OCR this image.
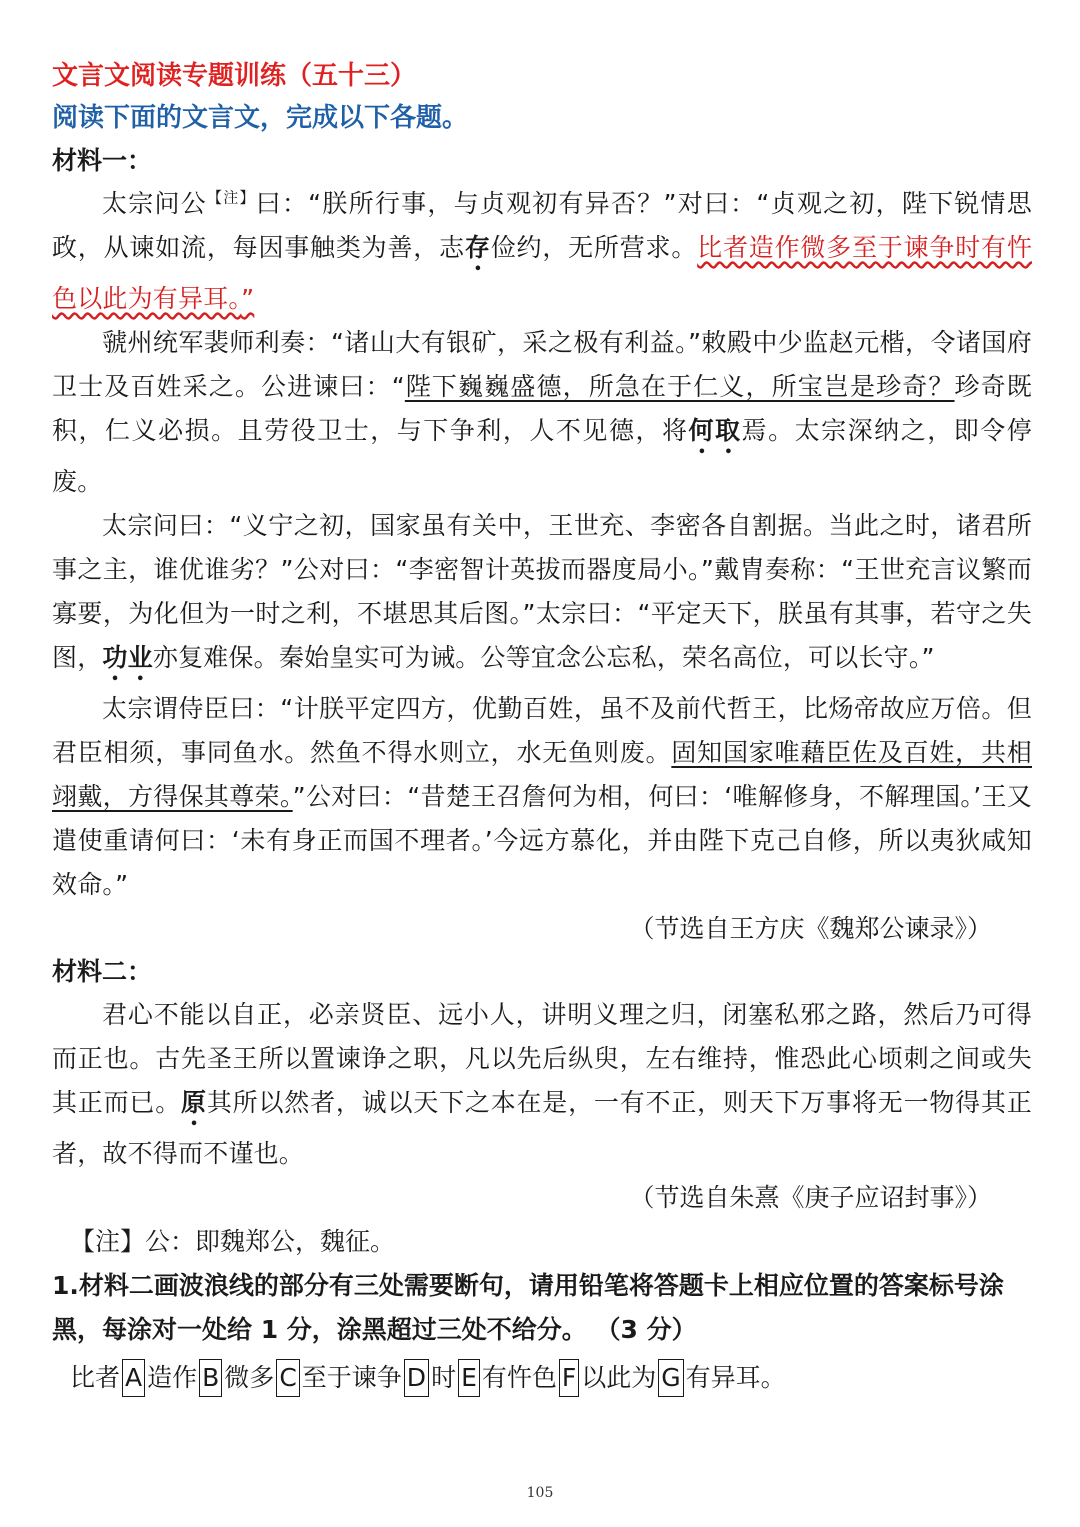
文言文阅读专题训练（五十三）

阅读下面的文言文，完成以下各题。

材料一：

太宗问公$^{【注】}$曰：“朕所行事，与贞观初有异否？”对曰：“贞观之初，陛下锐情思政，从谏如流，每因事触类为善，志存俭约，无所营求。比者造作微多至于谏争时有忤色以此为有异耳。”

虢州统军裴师利奏：“诸山大有银矿，采之极有利益。”敕殿中少监赵元楷，令诸国府卫士及百姓采之。公进谏曰：“陛下巍巍盛德，所急在于仁义，所宝岂是珍奇？珍奇既积，仁义必损。且劳役卫士，与下争利，人不见德，将何取焉。太宗深纳之，即令停废。

太宗问曰：“义宁之初，国家虽有关中，王世充、李密各自割据。当此之时，诸君所事之主，谁优谁劣？”公对曰：“李密智计英拔而器度局小。”戴胄奏称：“王世充言议繁而寡要，为化但为一时之利，不堪思其后图。”太宗曰：“平定天下，朕虽有其事，若守之失图，功业亦复难保。秦始皇实可为诫。公等宜念公忘私，荣名高位，可以长守。”

太宗谓侍臣曰：“计朕平定四方，优勤百姓，虽不及前代哲王，比炀帝故应万倍。但君臣相须，事同鱼水。然鱼不得水则立，水无鱼则废。固知国家唯藉臣佐及百姓，共相翊戴，方得保其尊荣。”公对曰：“昔楚王召詹何为相，何曰：‘唯解修身，不解理国。’王又遣使重请何曰：‘未有身正而国不理者。’今远方慕化，并由陛下克己自修，所以夷狄咸知效命。”

（节选自王方庆《魏郑公谏录》）

材料二：

君心不能以自正，必亲贤臣、远小人，讲明义理之归，闭塞私邪之路，然后乃可得而正也。古先圣王所以置谏诤之职，凡以先后纵臾，左右维持，惟恐此心顷刺之间或失其正而已。原其所以然者，诚以天下之本在是，一有不正，则天下万事将无一物得其正者，故不得而不谨也。

（节选自朱熹《庚子应诏封事》）

【注】公：即魏郑公，魏征。

1.材料二画波浪线的部分有三处需要断句，请用铅笔将答题卡上相应位置的答案标号涂黑，每涂对一处给 1 分，涂黑超过三处不给分。 （3 分）

比者 A 造作 B 微多 C 至于谏争 D 时 E 有忤色 F 以此为 G 有异耳。
105
